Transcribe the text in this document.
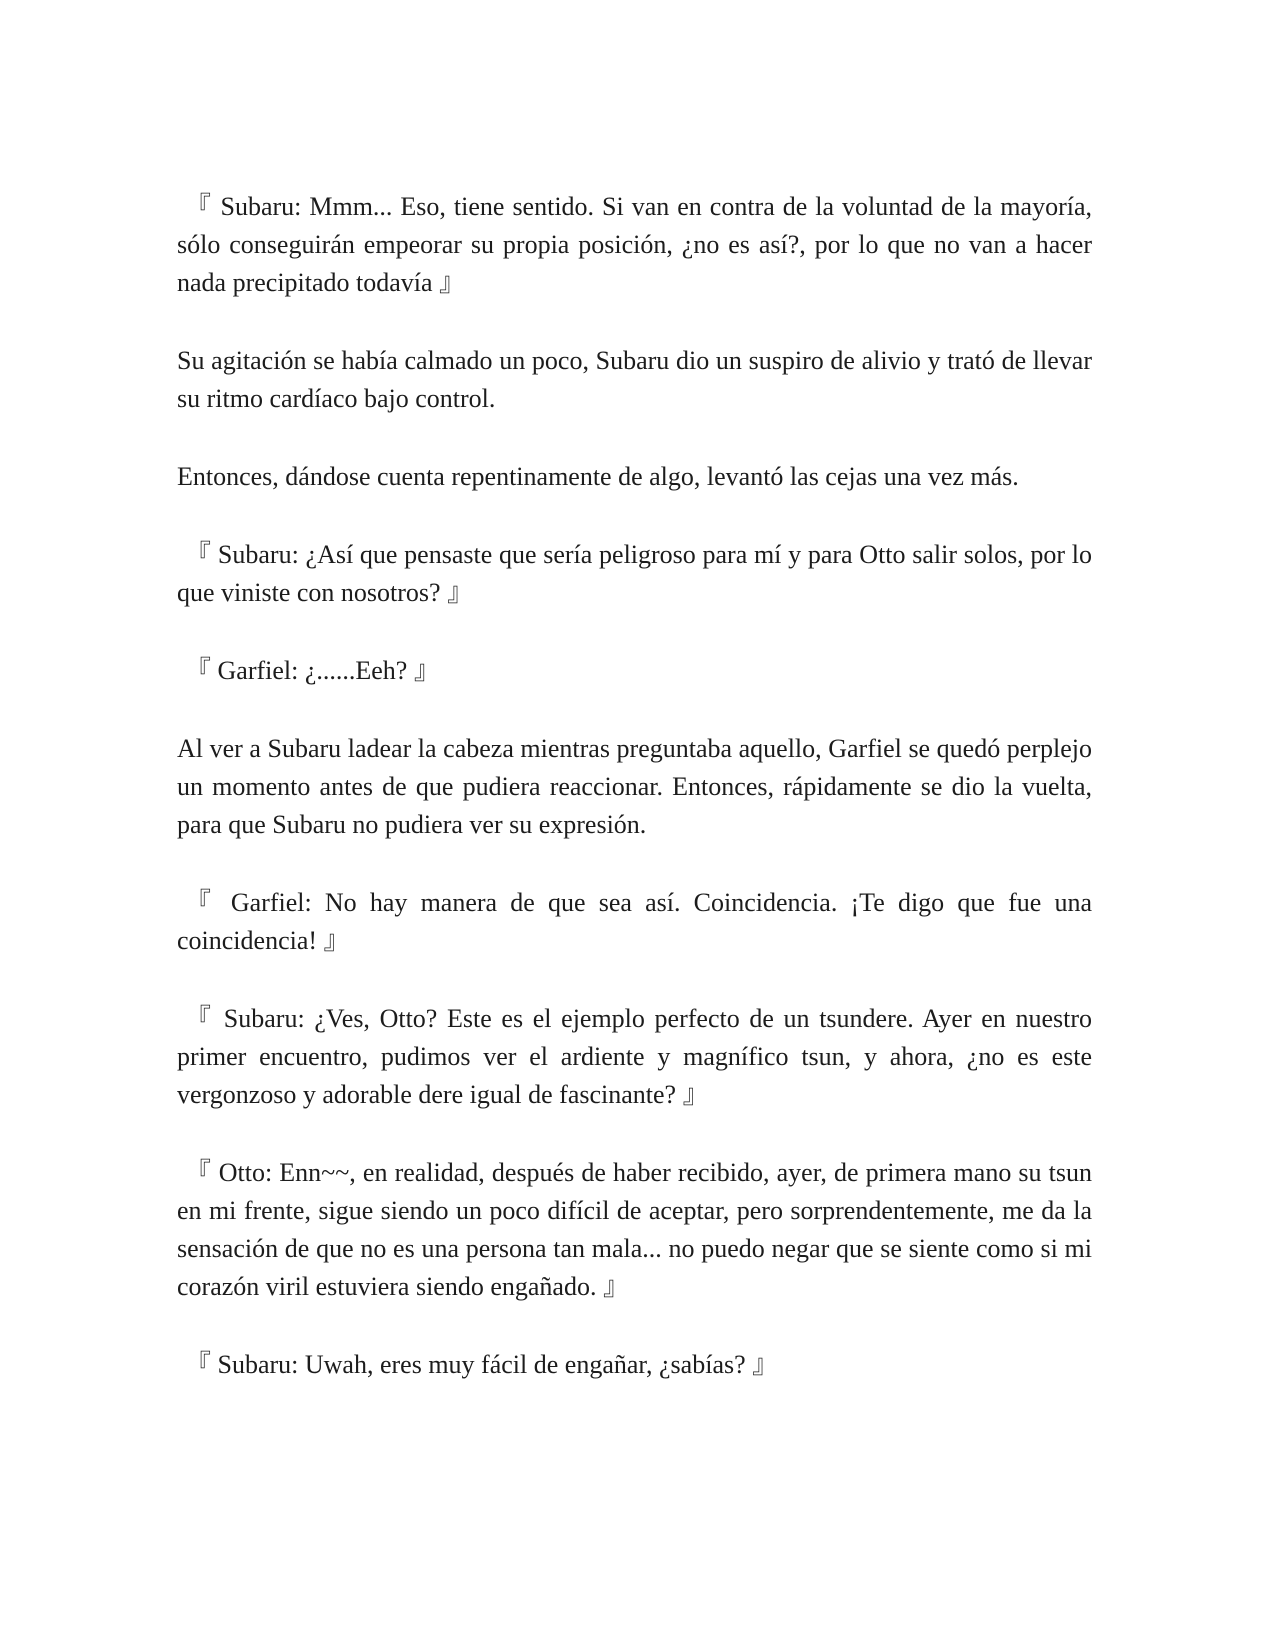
『 Subaru: Mmm... Eso, tiene sentido. Si van en contra de la voluntad de la mayoría, sólo conseguirán empeorar su propia posición, ¿no es así?, por lo que no van a hacer nada precipitado todavía 』

Su agitación se había calmado un poco, Subaru dio un suspiro de alivio y trató de llevar su ritmo cardíaco bajo control.

Entonces, dándose cuenta repentinamente de algo, levantó las cejas una vez más.

『 Subaru: ¿Así que pensaste que sería peligroso para mí y para Otto salir solos, por lo que viniste con nosotros? 』

『 Garfiel: ¿......Eeh? 』

Al ver a Subaru ladear la cabeza mientras preguntaba aquello, Garfiel se quedó perplejo un momento antes de que pudiera reaccionar. Entonces, rápidamente se dio la vuelta, para que Subaru no pudiera ver su expresión.

『 Garfiel: No hay manera de que sea así. Coincidencia. ¡Te digo que fue una coincidencia! 』

『 Subaru: ¿Ves, Otto? Este es el ejemplo perfecto de un tsundere. Ayer en nuestro primer encuentro, pudimos ver el ardiente y magnífico tsun, y ahora, ¿no es este vergonzoso y adorable dere igual de fascinante? 』

『 Otto: Enn~~, en realidad, después de haber recibido, ayer, de primera mano su tsun en mi frente, sigue siendo un poco difícil de aceptar, pero sorprendentemente, me da la sensación de que no es una persona tan mala... no puedo negar que se siente como si mi corazón viril estuviera siendo engañado. 』

『 Subaru: Uwah, eres muy fácil de engañar, ¿sabías? 』
